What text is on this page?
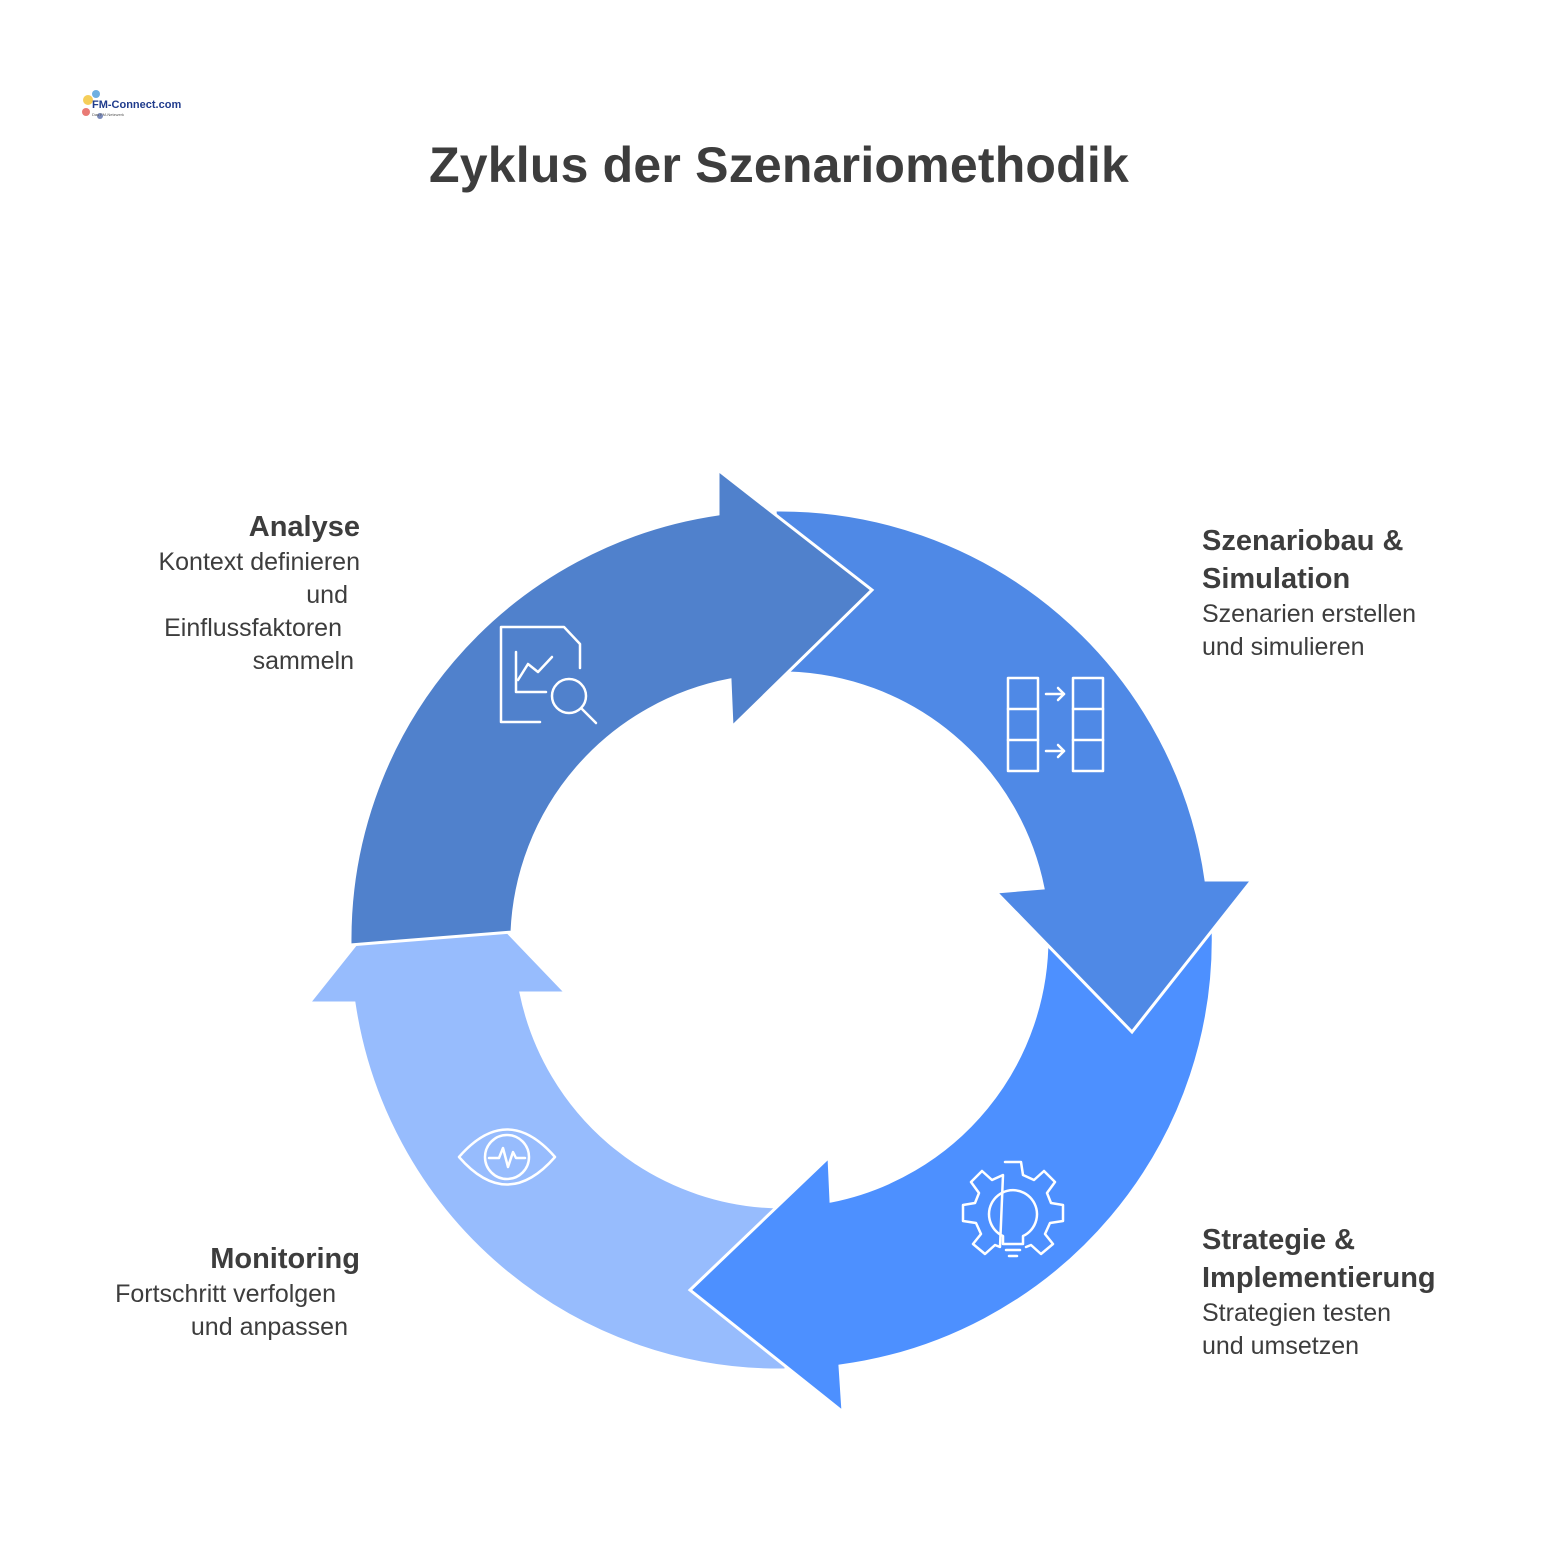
FM-Connect.com
Das FM-Netzwerk
Zyklus der Szenariomethodik

Analyse

Kontext definieren

und

Einflussfaktoren

sammeln

Szenariobau &

Simulation

Szenarien erstellen

und simulieren

Strategie &

Implementierung

Strategien testen

und umsetzen

Monitoring

Fortschritt verfolgen

und anpassen
